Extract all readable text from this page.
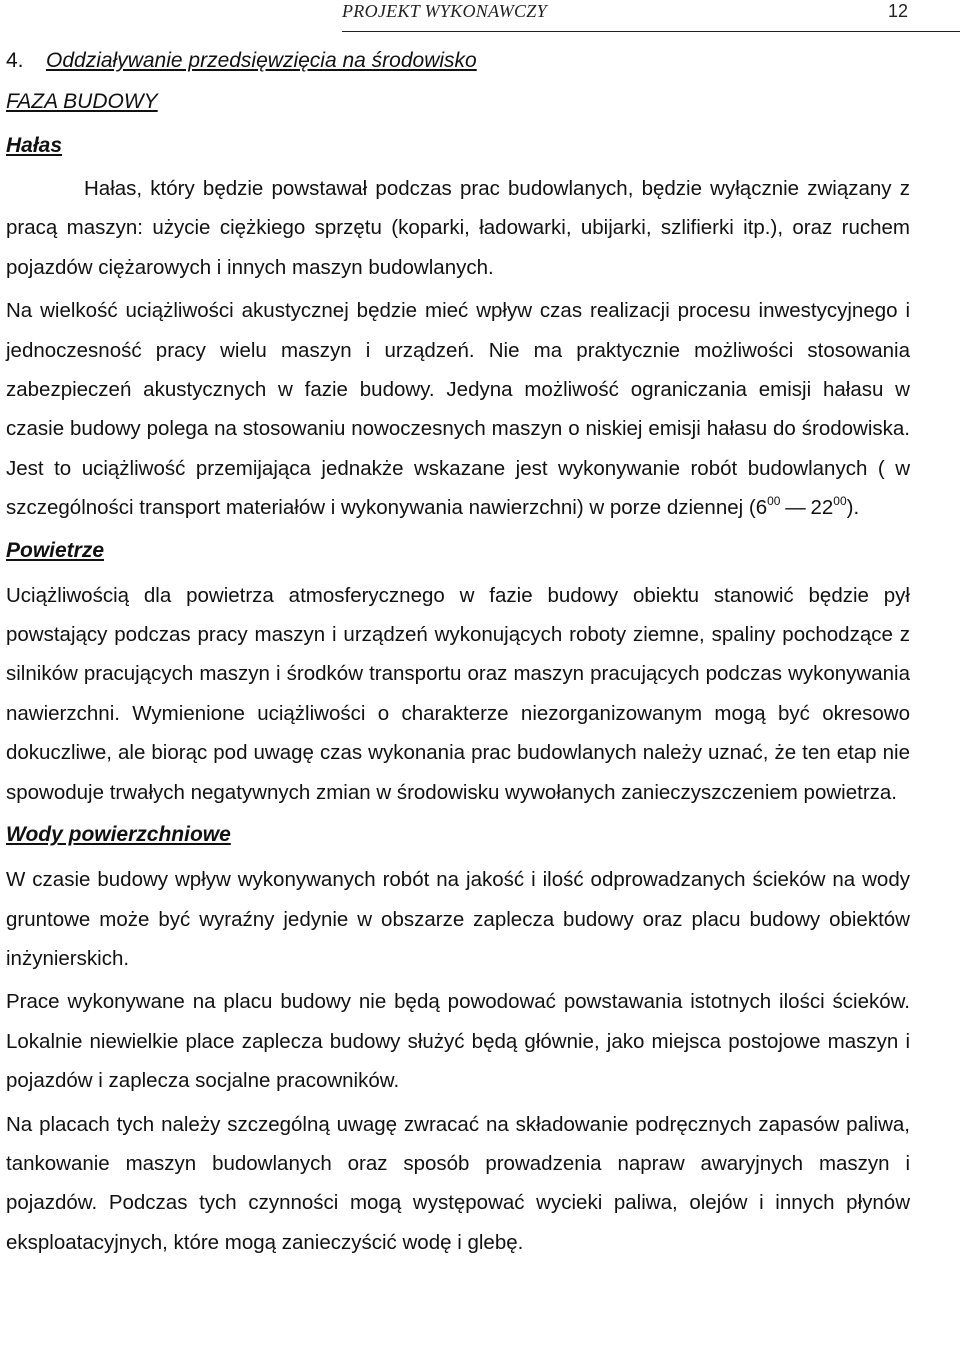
PROJEKT WYKONAWCZY	12
4. Oddziaływanie przedsięwzięcia na środowisko
FAZA BUDOWY
Hałas

Hałas, który będzie powstawał podczas prac budowlanych, będzie wyłącznie związany z pracą maszyn: użycie ciężkiego sprzętu (koparki, ładowarki, ubijarki, szlifierki itp.), oraz ruchem pojazdów ciężarowych i innych maszyn budowlanych.

Na wielkość uciążliwości akustycznej będzie mieć wpływ czas realizacji procesu inwestycyjnego i jednoczesność pracy wielu maszyn i urządzeń. Nie ma praktycznie możliwości stosowania zabezpieczeń akustycznych w fazie budowy. Jedyna możliwość ograniczania emisji hałasu w czasie budowy polega na stosowaniu nowoczesnych maszyn o niskiej emisji hałasu do środowiska. Jest to uciążliwość przemijająca jednakże wskazane jest wykonywanie robót budowlanych ( w szczególności transport materiałów i wykonywania nawierzchni) w porze dziennej ($6^{00}$ — $22^{00}$).

Powietrze

Uciążliwością dla powietrza atmosferycznego w fazie budowy obiektu stanowić będzie pył powstający podczas pracy maszyn i urządzeń wykonujących roboty ziemne, spaliny pochodzące z silników pracujących maszyn i środków transportu oraz maszyn pracujących podczas wykonywania nawierzchni. Wymienione uciążliwości o charakterze niezorganizowanym mogą być okresowo dokuczliwe, ale biorąc pod uwagę czas wykonania prac budowlanych należy uznać, że ten etap nie spowoduje trwałych negatywnych zmian w środowisku wywołanych zanieczyszczeniem powietrza.

Wody powierzchniowe

W czasie budowy wpływ wykonywanych robót na jakość i ilość odprowadzanych ścieków na wody gruntowe może być wyraźny jedynie w obszarze zaplecza budowy oraz placu budowy obiektów inżynierskich.

Prace wykonywane na placu budowy nie będą powodować powstawania istotnych ilości ścieków. Lokalnie niewielkie place zaplecza budowy służyć będą głównie, jako miejsca postojowe maszyn i pojazdów i zaplecza socjalne pracowników.

Na placach tych należy szczególną uwagę zwracać na składowanie podręcznych zapasów paliwa, tankowanie maszyn budowlanych oraz sposób prowadzenia napraw awaryjnych maszyn i pojazdów. Podczas tych czynności mogą występować wycieki paliwa, olejów i innych płynów eksploatacyjnych, które mogą zanieczyścić wodę i glebę.
